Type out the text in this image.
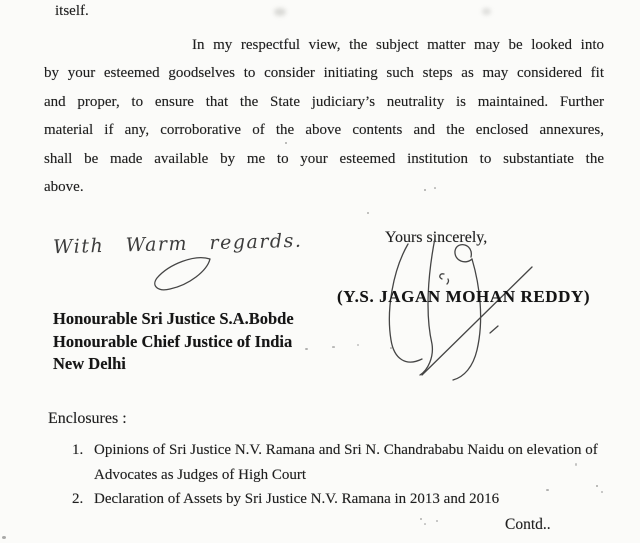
itself.
In my respectful view, the subject matter may be looked into
by your esteemed goodselves to consider initiating such steps as may considered fit
and proper, to ensure that the State judiciary’s neutrality is maintained. Further
material if any, corroborative of the above contents and the enclosed annexures,
shall be made available by me to your esteemed institution to substantiate the
above.
With Warm regards.	Yours sincerely,
(Y.S. JAGAN MOHAN REDDY)
Honourable Sri Justice S.A.Bobde
Honourable Chief Justice of India
New Delhi
Enclosures :
1. Opinions of Sri Justice N.V. Ramana and Sri N. Chandrababu Naidu on elevation of
Advocates as Judges of High Court
2. Declaration of Assets by Sri Justice N.V. Ramana in 2013 and 2016
Contd..
